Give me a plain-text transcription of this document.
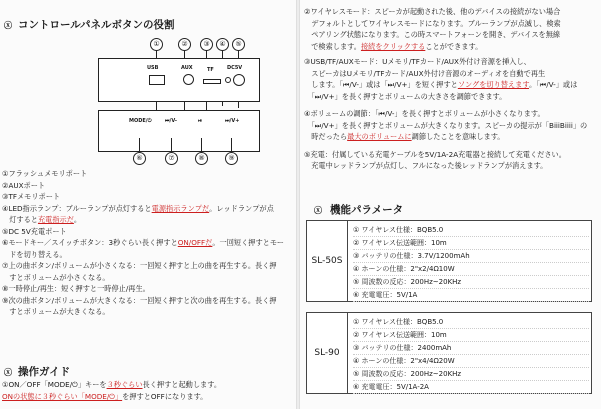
ⓧ コントロールパネルボタンの役割
①	②	③	④	⑤
USB	AUX	TF	DC5V
MODE/⏻	⏮/V-	⏯	⏭/V+
⑥	⑦	⑧	⑨
①フラッシュメモリポート
②AUXポート
③TFメモリポート
④LED指示ランプ：ブルーランプが点灯すると電源指示ランプだ。レッドランプが点
　灯すると充電指示だ。
⑤DC 5V充電ポート
⑥モードキー／スイッチボタン：3秒ぐらい長く押すとON/OFFだ。一回短く押すとモー
　ドを切り替える。
⑦上の曲ボタン/ボリュームが小さくなる：一回短く押すと上の曲を再生する。長く押
　すとボリュームが小さくなる。
⑧一時停止/再生：短く押すと一時停止/再生。
⑨次の曲ボタン/ボリュームが大きくなる：一回短く押すと次の曲を再生する。長く押
　すとボリュームが大きくなる。
ⓧ 操作ガイド
①ON／OFF「MODE/⏻」キーを３秒ぐらい長く押すと起動します。
ONの状態に３秒ぐらい「MODE/⏻」を押すとOFFになります。
②ワイヤレスモード：スピーカが起動された後、他のデバイスの接続がない場合
　デフォルトとしてワイヤレスモードになります。ブルーランプが点滅し、検索
　ペアリング状態になります。この時スマートフォーンを開き、デバイスを無線
　で検索します。接続をクリックすることができます。
③USB/TF/AUXモード：Uメモリ/TFカード/AUX外付け音源を挿入し、
　スピーカはUメモリ/TFカード/AUX外付け音源のオーディオを自動で再生
　します。「⏮/V-」或は「⏭/V+」を短く押すとソングを切り替えます。「⏮/V-」或は
　「⏭/V+」を長く押すとボリュームの大きさを調節できます。
④ボリュームの調節：「⏮/V-」を長く押すとボリュームが小さくなります。
　「⏭/V+」を長く押すとボリュームが大きくなります。スピーカの提示が「BiiiBiiii」の
　時だったら最大のボリュームに調節したことを意味します。
⑤充電：付属している充電ケーブルを5V/1A-2A充電器と接続して充電ください。
　充電中レッドランプが点灯し、フルになった後レッドランプが消えます。
ⓧ 機能パラメータ
SL-50S
① ワイヤレス仕様：BQB5.0
② ワイヤレス伝送範囲：10m
③ バッテリの仕様：3.7V/1200mAh
④ ホーンの仕様：2"x2/4Ω10W
⑤ 周波数の反応：200Hz~20KHz
⑥ 充電電圧：5V/1A
SL-90
① ワイヤレス仕様：BQB5.0
② ワイヤレス伝送範囲：10m
③ バッテリの仕様：2400mAh
④ ホーンの仕様：2"x4/4Ω20W
⑤ 周波数の反応：200Hz~20KHz
⑥ 充電電圧：5V/1A-2A
